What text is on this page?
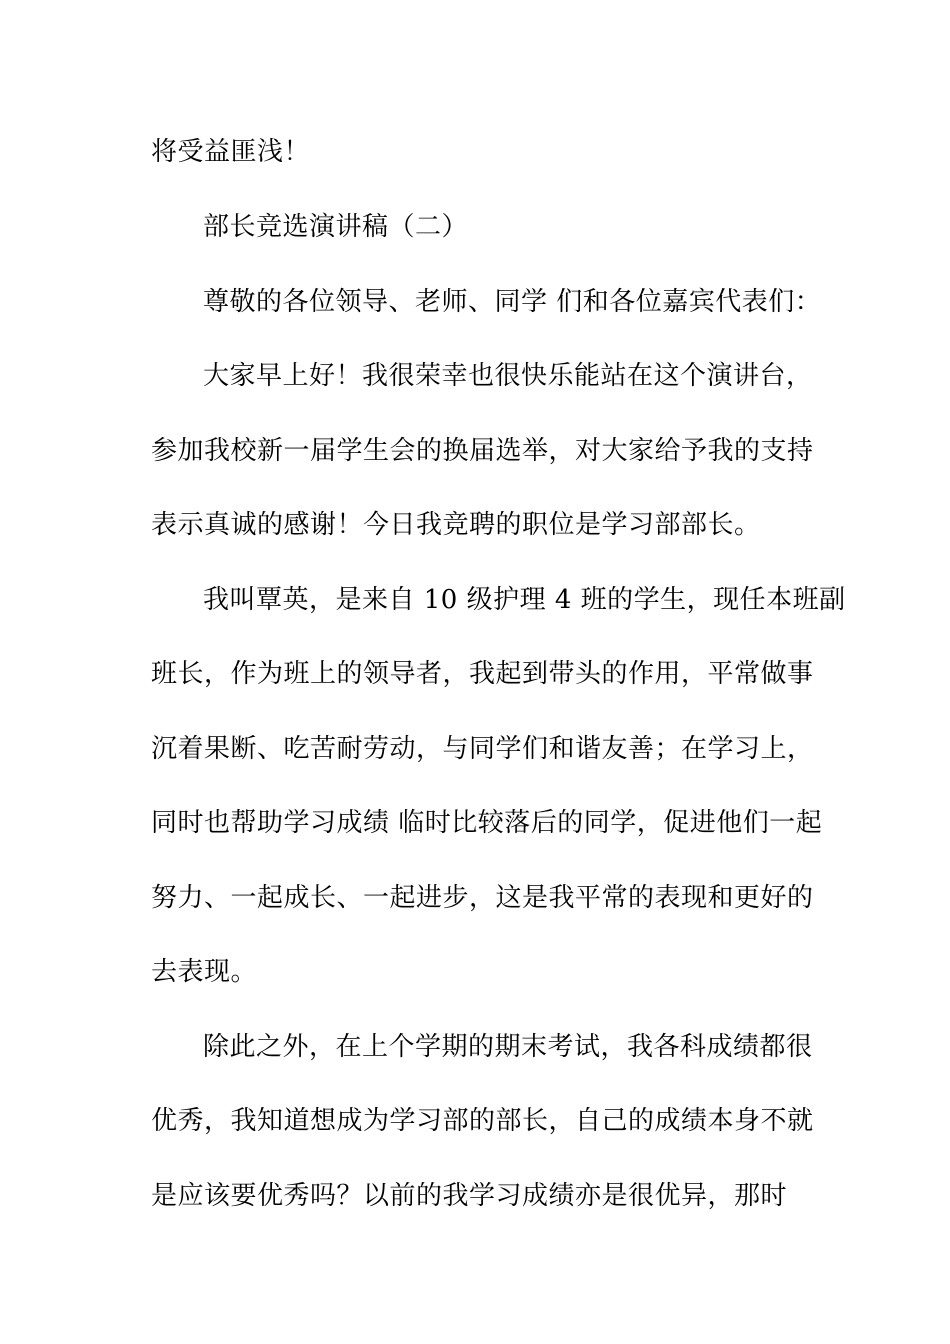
将受益匪浅！
部长竞选演讲稿（二）
尊敬的各位领导、老师、同学 们和各位嘉宾代表们：
大家早上好！我很荣幸也很快乐能站在这个演讲台，
参加我校新一届学生会的换届选举，对大家给予我的支持
表示真诚的感谢！今日我竞聘的职位是学习部部长。
我叫覃英，是来自 10 级护理 4 班的学生，现任本班副
班长，作为班上的领导者，我起到带头的作用，平常做事
沉着果断、吃苦耐劳动，与同学们和谐友善；在学习上，
同时也帮助学习成绩 临时比较落后的同学，促进他们一起
努力、一起成长、一起进步，这是我平常的表现和更好的
去表现。
除此之外，在上个学期的期末考试，我各科成绩都很
优秀，我知道想成为学习部的部长，自己的成绩本身不就
是应该要优秀吗？以前的我学习成绩亦是很优异，那时
